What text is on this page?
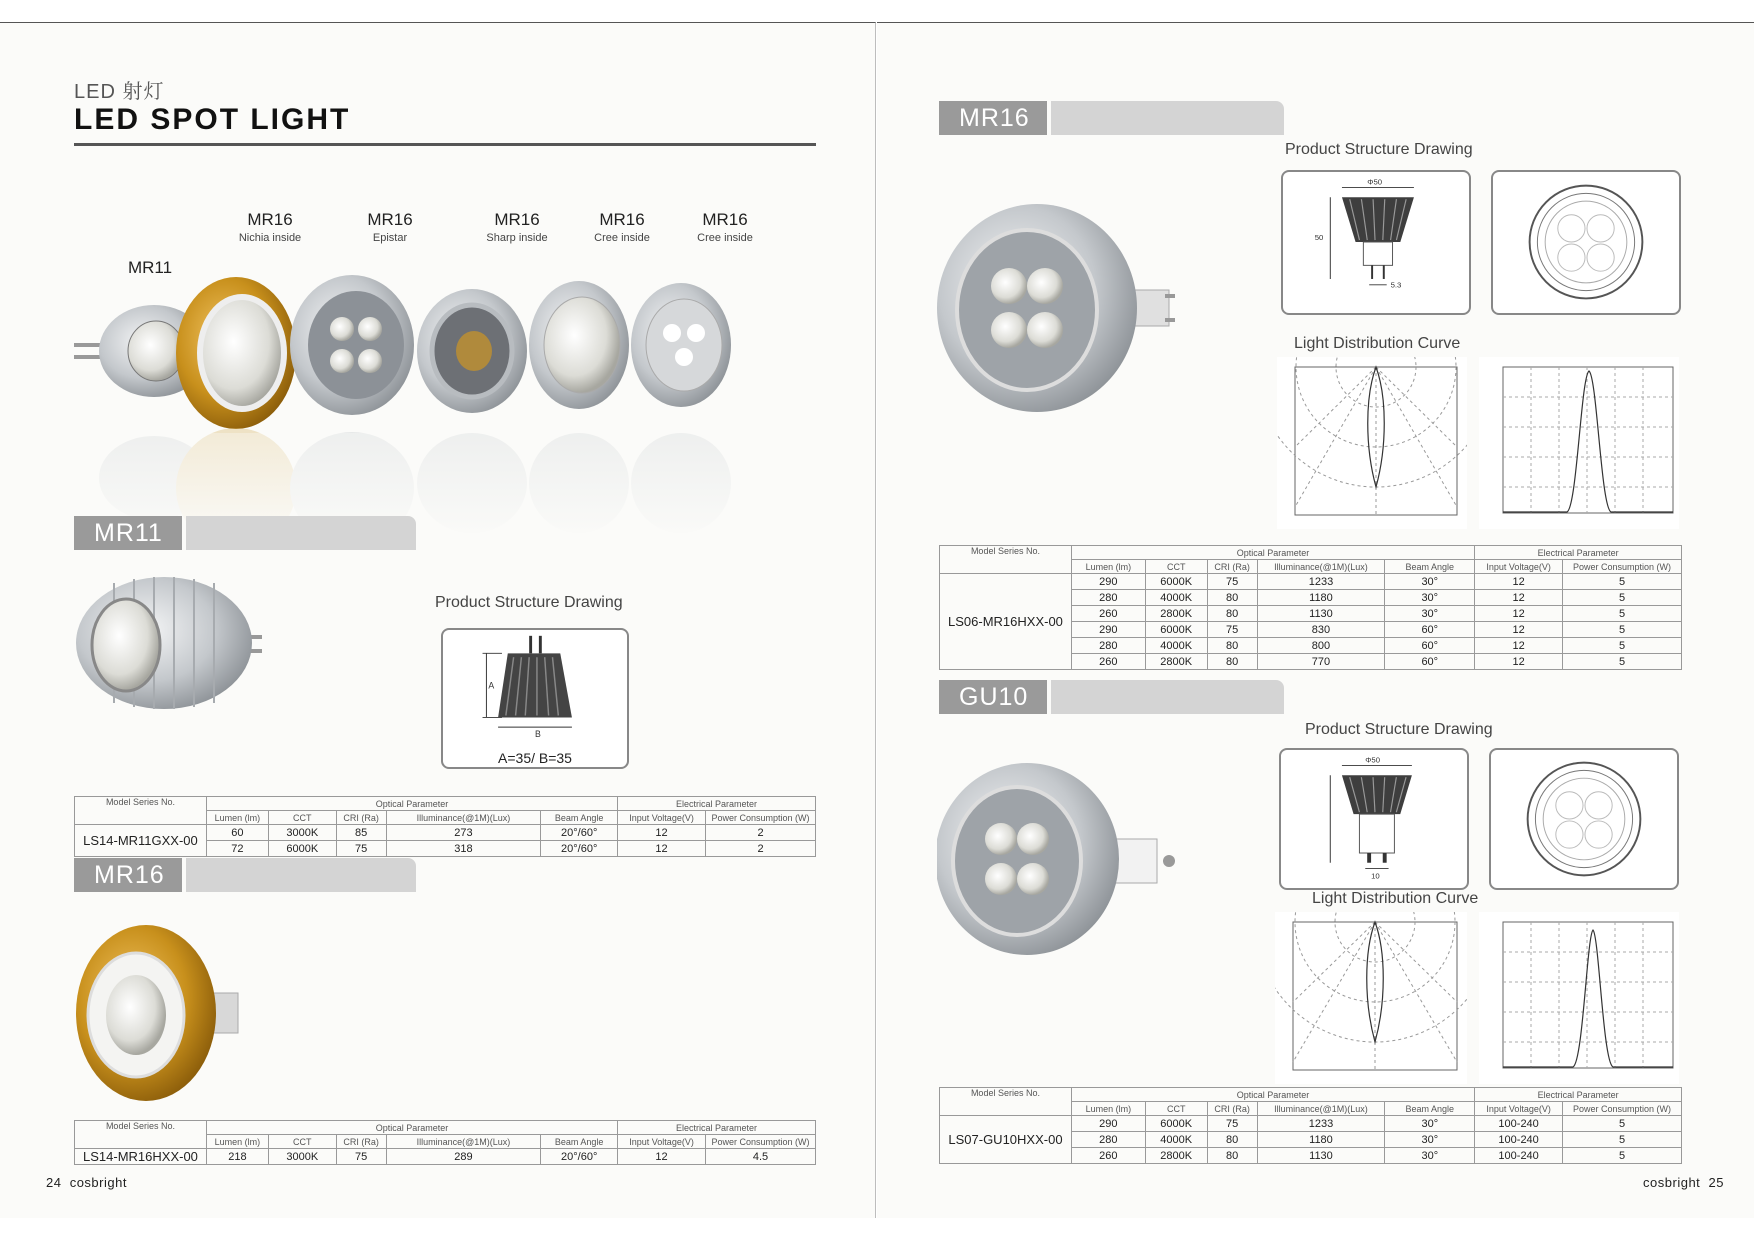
LED 射灯
LED SPOT LIGHT
MR11
MR16
Nichia inside
MR16
Epistar
MR16
Sharp inside
MR16
Cree inside
MR16
Cree inside
MR11
Product Structure Drawing
A
B
A=35/ B=35
Model Series No.	Optical Parameter					Electrical Parameter	
	Lumen (lm)	CCT	CRI (Ra)	Illuminance(@1M)(Lux)	Beam Angle	Input Voltage(V)	Power Consumption (W)
LS14-MR11GXX-00	60	3000K	85	273	20°/60°	12	2
	72	6000K	75	318	20°/60°	12	2
MR16
Model Series No.	Optical Parameter					Electrical Parameter	
	Lumen (lm)	CCT	CRI (Ra)	Illuminance(@1M)(Lux)	Beam Angle	Input Voltage(V)	Power Consumption (W)
LS14-MR16HXX-00	218	3000K	75	289	20°/60°	12	4.5
24 cosbright
MR16
Product Structure Drawing
Φ50
50
5.3
Light Distribution Curve
Model Series No.	Optical Parameter					Electrical Parameter	
	Lumen (lm)	CCT	CRI (Ra)	Illuminance(@1M)(Lux)	Beam Angle	Input Voltage(V)	Power Consumption (W)
LS06-MR16HXX-00	290	6000K	75	1233	30°	12	5
	280	4000K	80	1180	30°	12	5
	260	2800K	80	1130	30°	12	5
	290	6000K	75	830	60°	12	5
	280	4000K	80	800	60°	12	5
	260	2800K	80	770	60°	12	5
GU10
Product Structure Drawing
Φ50
10
Light Distribution Curve
Model Series No.	Optical Parameter					Electrical Parameter	
	Lumen (lm)	CCT	CRI (Ra)	Illuminance(@1M)(Lux)	Beam Angle	Input Voltage(V)	Power Consumption (W)
LS07-GU10HXX-00	290	6000K	75	1233	30°	100-240	5
	280	4000K	80	1180	30°	100-240	5
	260	2800K	80	1130	30°	100-240	5
cosbright 25
